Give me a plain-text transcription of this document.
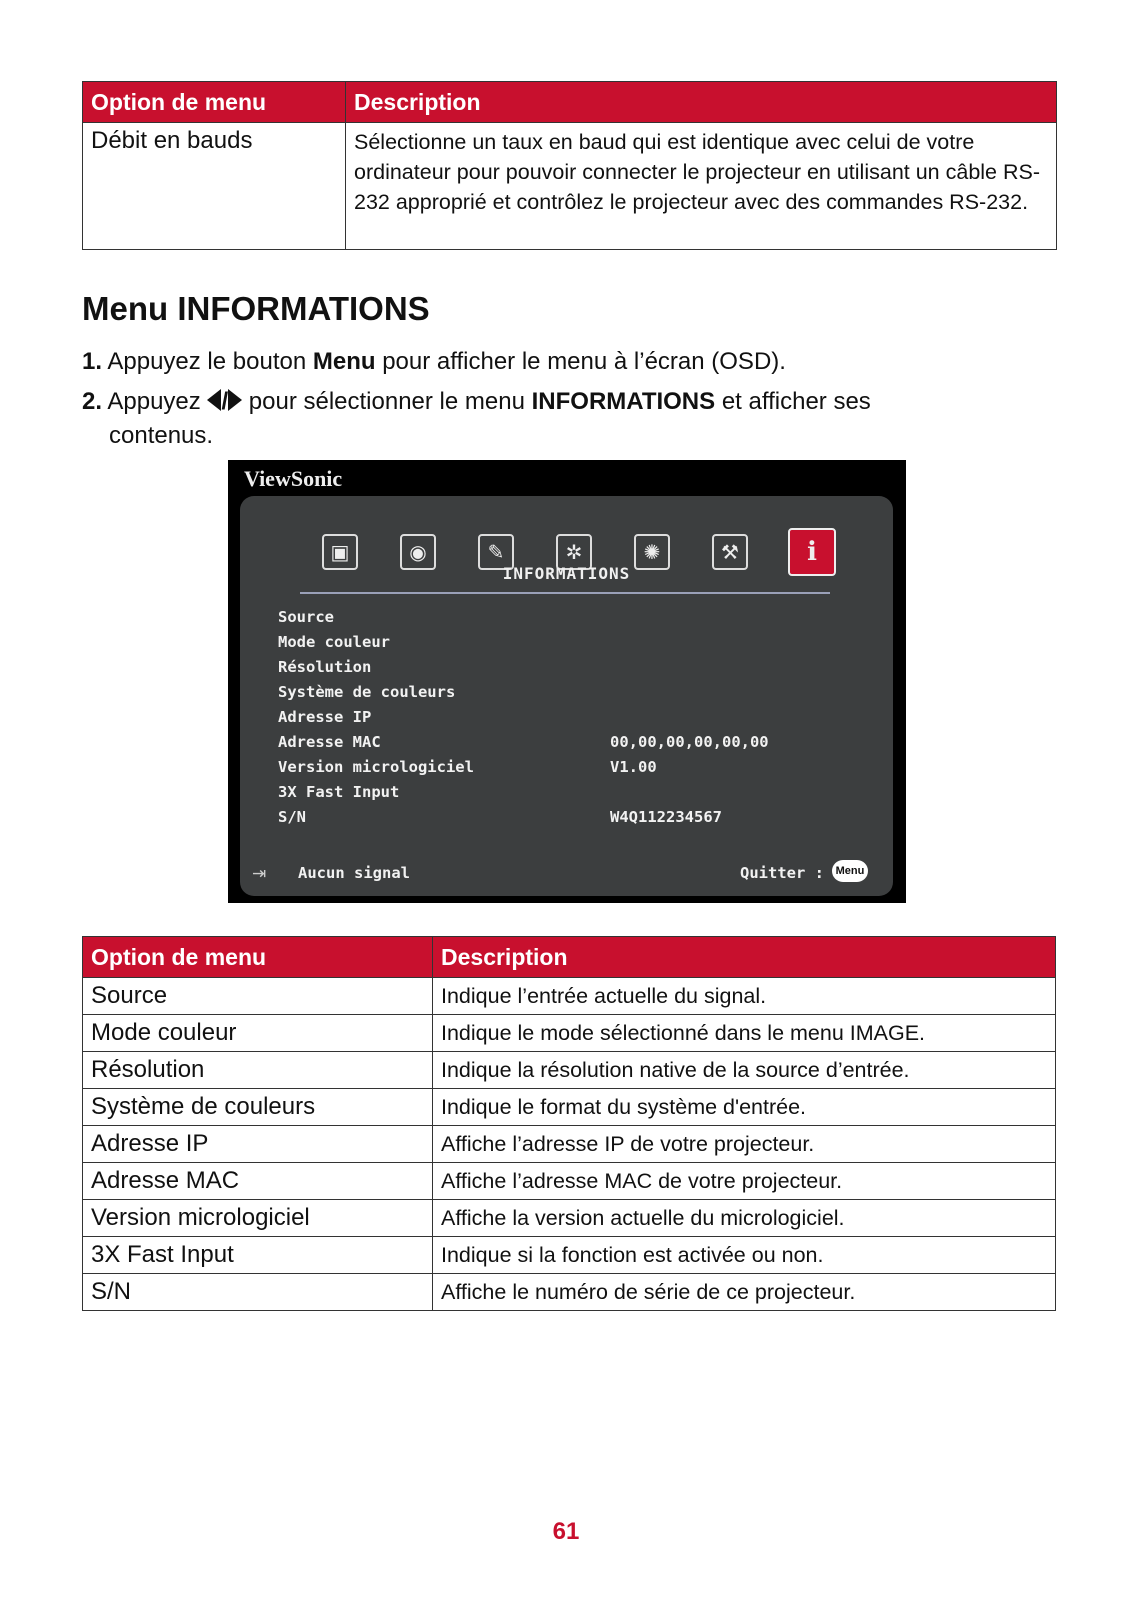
Option de menu	Description
Débit en bauds	Sélectionne un taux en baud qui est identique avec celui de votre ordinateur pour pouvoir connecter le projecteur en utilisant un câble RS-232 approprié et contrôlez le projecteur avec des commandes RS-232.
Menu INFORMATIONS
1. Appuyez le bouton Menu pour afficher le menu à l’écran (OSD).
2. Appuyez / pour sélectionner le menu INFORMATIONS et afficher ses
contenus.
ViewSonic
▣	◉	✎	✲	✺	⚒	ℹ
INFORMATIONS
Source
Mode couleur
Résolution
Système de couleurs
Adresse IP
Adresse MAC	00,00,00,00,00,00
Version micrologiciel	V1.00
3X Fast Input
S/N	W4Q112234567
⇥ Aucun signal	Quitter :	Menu
Option de menu	Description
Source	Indique l’entrée actuelle du signal.
Mode couleur	Indique le mode sélectionné dans le menu IMAGE.
Résolution	Indique la résolution native de la source d’entrée.
Système de couleurs	Indique le format du système d'entrée.
Adresse IP	Affiche l’adresse IP de votre projecteur.
Adresse MAC	Affiche l’adresse MAC de votre projecteur.
Version micrologiciel	Affiche la version actuelle du micrologiciel.
3X Fast Input	Indique si la fonction est activée ou non.
S/N	Affiche le numéro de série de ce projecteur.
61
